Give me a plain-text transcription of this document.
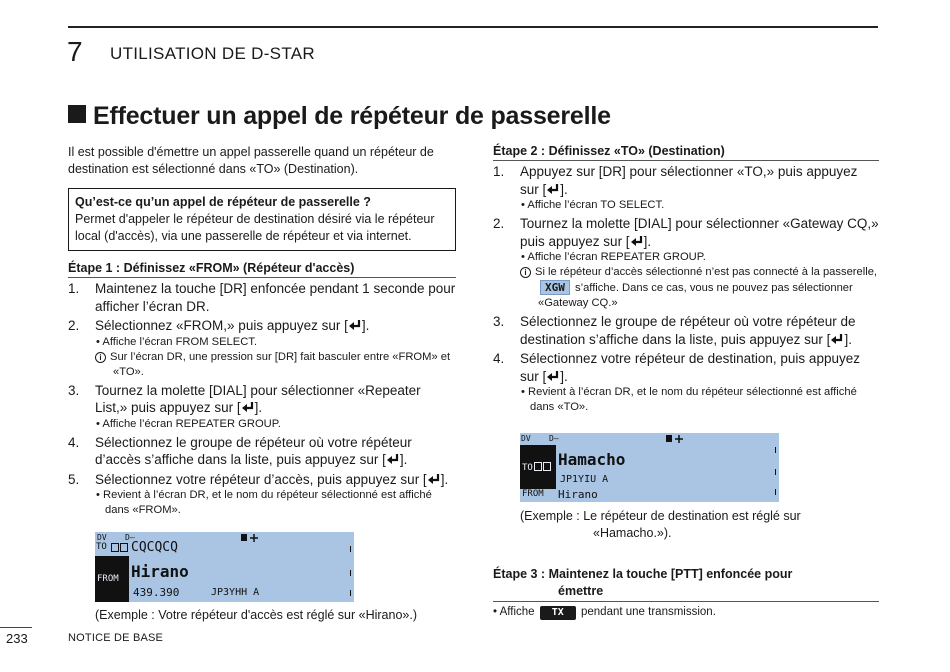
7 UTILISATION DE D-STAR
Effectuer un appel de répéteur de passerelle
Il est possible d'émettre un appel passerelle quand un répéteur de destination est sélectionné dans «TO» (Destination).
Qu’est-ce qu’un appel de répéteur de passerelle ?
Permet d'appeler le répéteur de destination désiré via le répéteur local (d'accès), via une passerelle de répéteur et via internet.
Étape 1 : Définissez «FROM» (Répéteur d'accès)
1. Maintenez la touche [DR] enfoncée pendant 1 seconde pour afficher l’écran DR.
2. Sélectionnez «FROM,» puis appuyez sur [ ].
• Affiche l’écran FROM SELECT.
i Sur l’écran DR, une pression sur [DR] fait basculer entre «FROM» et «TO».
3. Tournez la molette [DIAL] pour sélectionner «Repeater List,» puis appuyez sur [ ].
• Affiche l’écran REPEATER GROUP.
4. Sélectionnez le groupe de répéteur où votre répéteur d’accès s’affiche dans la liste, puis appuyez sur [ ].
5. Sélectionnez votre répéteur d’accès, puis appuyez sur [ ].
• Revient à l’écran DR, et le nom du répéteur sélectionné est affiché dans «FROM».
DV D–
TO CQCQCQ
FROM Hirano
439.390	JP3YHH A
(Exemple : Votre répéteur d'accès est réglé sur «Hirano».)
Étape 2 : Définissez «TO» (Destination)
1. Appuyez sur [DR] pour sélectionner «TO,» puis appuyez sur [ ].
• Affiche l’écran TO SELECT.
2. Tournez la molette [DIAL] pour sélectionner «Gateway CQ,» puis appuyez sur [ ].
• Affiche l’écran REPEATER GROUP.
i Si le répéteur d’accès sélectionné n’est pas connecté à la passerelle, XGW s’affiche. Dans ce cas, vous ne pouvez pas sélectionner «Gateway CQ.»
3. Sélectionnez le groupe de répéteur où votre répéteur de destination s’affiche dans la liste, puis appuyez sur [ ].
4. Sélectionnez votre répéteur de destination, puis appuyez sur [ ].
• Revient à l’écran DR, et le nom du répéteur sélectionné est affiché dans «TO».
DV D–
TO	Hamacho
JP1YIU A
FROM Hirano
(Exemple : Le répéteur de destination est réglé sur
«Hamacho.»).
Étape 3 : Maintenez la touche [PTT] enfoncée pour
émettre
• Affiche TX pendant une transmission.
233	NOTICE DE BASE
